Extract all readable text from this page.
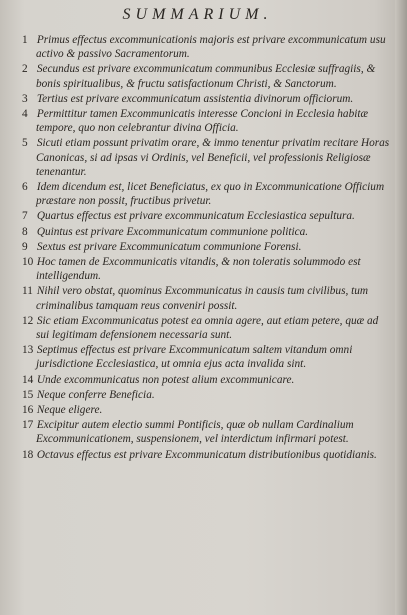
SUMMARIUM.

1 Primus effectus excommunicationis majoris est privare excommunicatum usu activo & passivo Sacramentorum.

2 Secundus est privare excommunicatum communibus Ecclesiæ suffragiis, & bonis spiritualibus, & fructu satisfactionum Christi, & Sanctorum.

3 Tertius est privare excommunicatum assistentia divinorum officiorum.

4 Permittitur tamen Excommunicatis interesse Concioni in Ecclesia habitæ tempore, quo non celebrantur divina Officia.

5 Sicuti etiam possunt privatim orare, & immo tenentur privatim recitare Horas Canonicas, si ad ipsas vi Ordinis, vel Beneficii, vel professionis Religiosæ tenenantur.

6 Idem dicendum est, licet Beneficiatus, ex quo in Excommunicatione Officium præstare non possit, fructibus privetur.

7 Quartus effectus est privare excommunicatum Ecclesiastica sepultura.

8 Quintus est privare Excommunicatum communione politica.

9 Sextus est privare Excommunicatum communione Forensi.

10 Hoc tamen de Excommunicatis vitandis, & non toleratis solummodo est intelligendum.

11 Nihil vero obstat, quominus Excommunicatus in causis tum civilibus, tum criminalibus tamquam reus conveniri possit.

12 Sic etiam Excommunicatus potest ea omnia agere, aut etiam petere, quæ ad sui legitimam defensionem necessaria sunt.

13 Septimus effectus est privare Excommunicatum saltem vitandum omni jurisdictione Ecclesiastica, ut omnia ejus acta invalida sint.

14 Unde excommunicatus non potest alium excommunicare.

15 Neque conferre Beneficia.

16 Neque eligere.

17 Excipitur autem electio summi Pontificis, quæ ob nullam Cardinalium Excommunicationem, suspensionem, vel interdictum infirmari potest.

18 Octavus effectus est privare Excommunicatum distributionibus quotidianis.
